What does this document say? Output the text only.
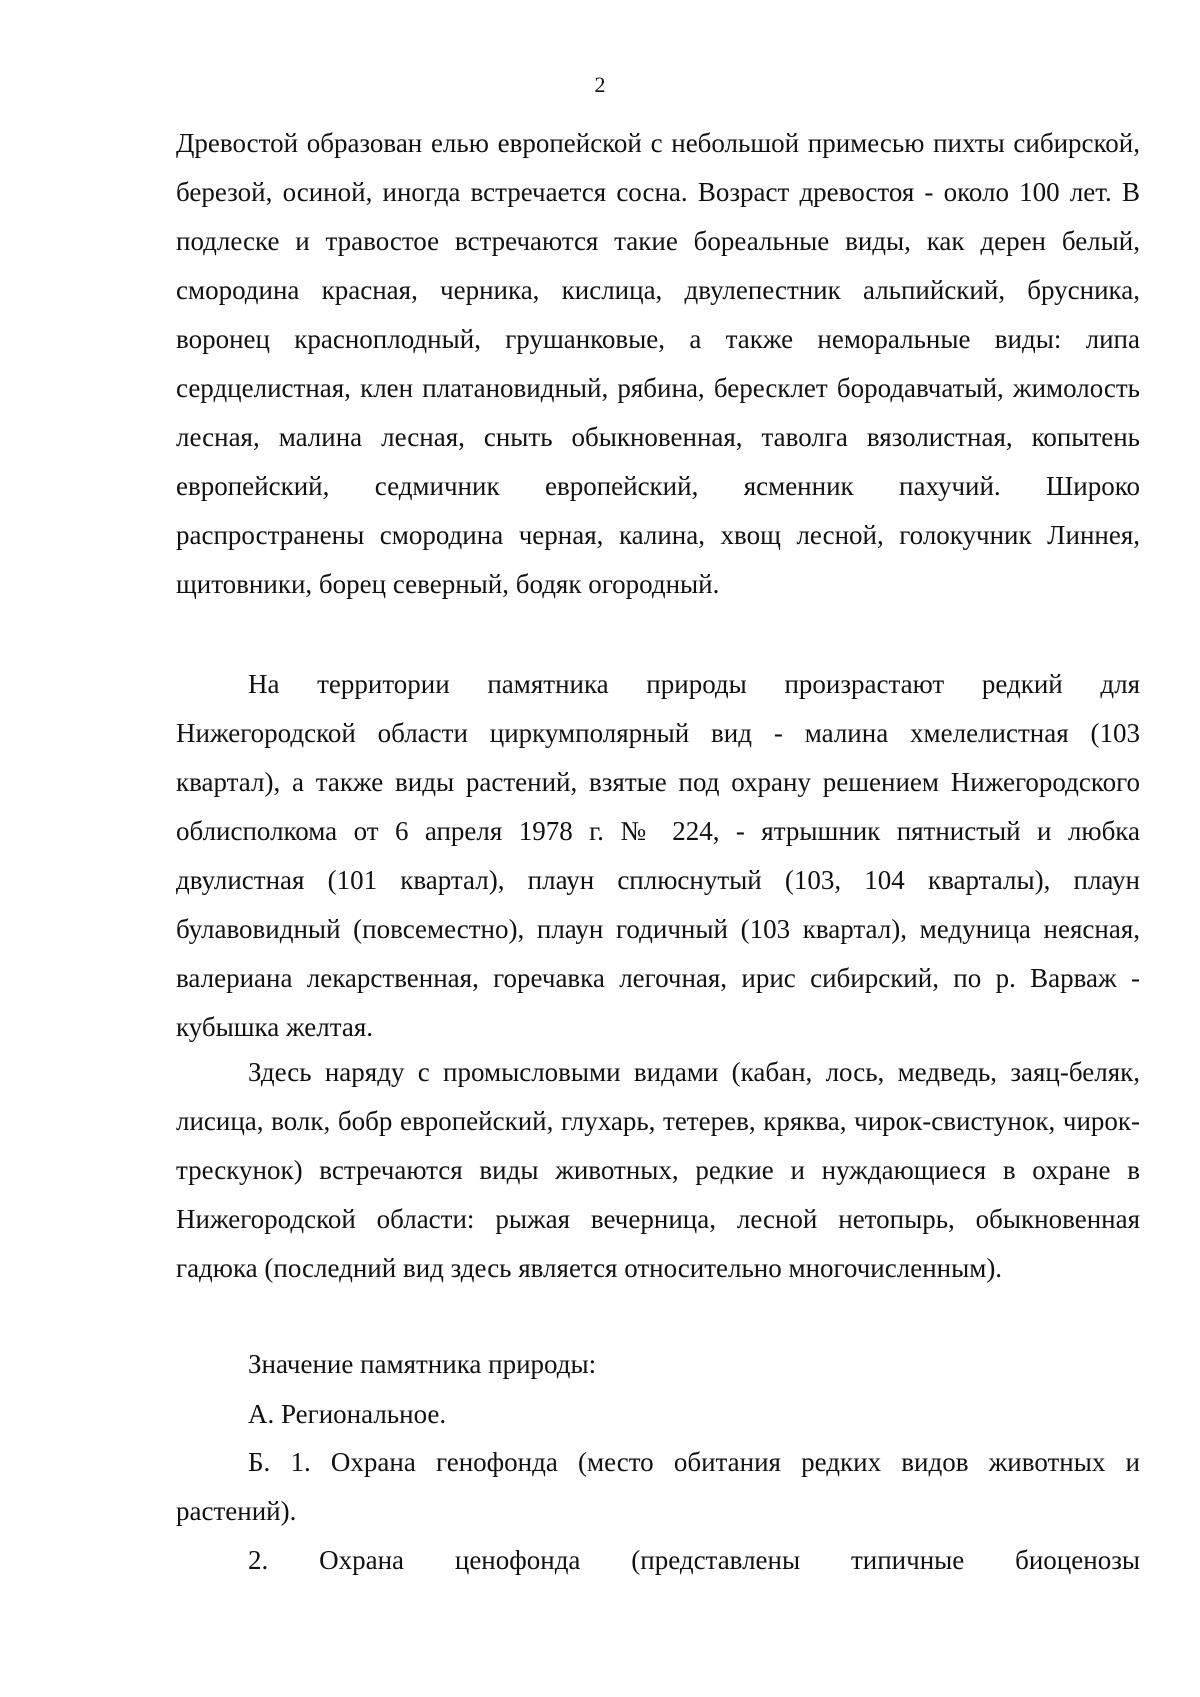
2

Древостой образован елью европейской с небольшой примесью пихты сибирской, березой, осиной, иногда встречается сосна. Возраст древостоя - около 100 лет. В подлеске и травостое встречаются такие бореальные виды, как дерен белый, смородина красная, черника, кислица, двулепестник альпийский, брусника, воронец красноплодный, грушанковые, а также неморальные виды: липа сердцелистная, клен платановидный, рябина, бересклет бородавчатый, жимолость лесная, малина лесная, сныть обыкновенная, таволга вязолистная, копытень европейский, седмичник европейский, ясменник пахучий. Широко распространены смородина черная, калина, хвощ лесной, голокучник Линнея, щитовники, борец северный, бодяк огородный.

На территории памятника природы произрастают редкий для Нижегородской области циркумполярный вид - малина хмелелистная (103 квартал), а также виды растений, взятые под охрану решением Нижегородского облисполкома от 6 апреля 1978 г. № 224, - ятрышник пятнистый и любка двулистная (101 квартал), плаун сплюснутый (103, 104 кварталы), плаун булавовидный (повсеместно), плаун годичный (103 квартал), медуница неясная, валериана лекарственная, горечавка легочная, ирис сибирский, по р. Варваж - кубышка желтая.

Здесь наряду с промысловыми видами (кабан, лось, медведь, заяц-беляк, лисица, волк, бобр европейский, глухарь, тетерев, кряква, чирок-свистунок, чирок-трескунок) встречаются виды животных, редкие и нуждающиеся в охране в Нижегородской области: рыжая вечерница, лесной нетопырь, обыкновенная гадюка (последний вид здесь является относительно многочисленным).

Значение памятника природы:

А. Региональное.

Б. 1. Охрана генофонда (место обитания редких видов животных и растений).

2. Охрана ценофонда (представлены типичные биоценозы
